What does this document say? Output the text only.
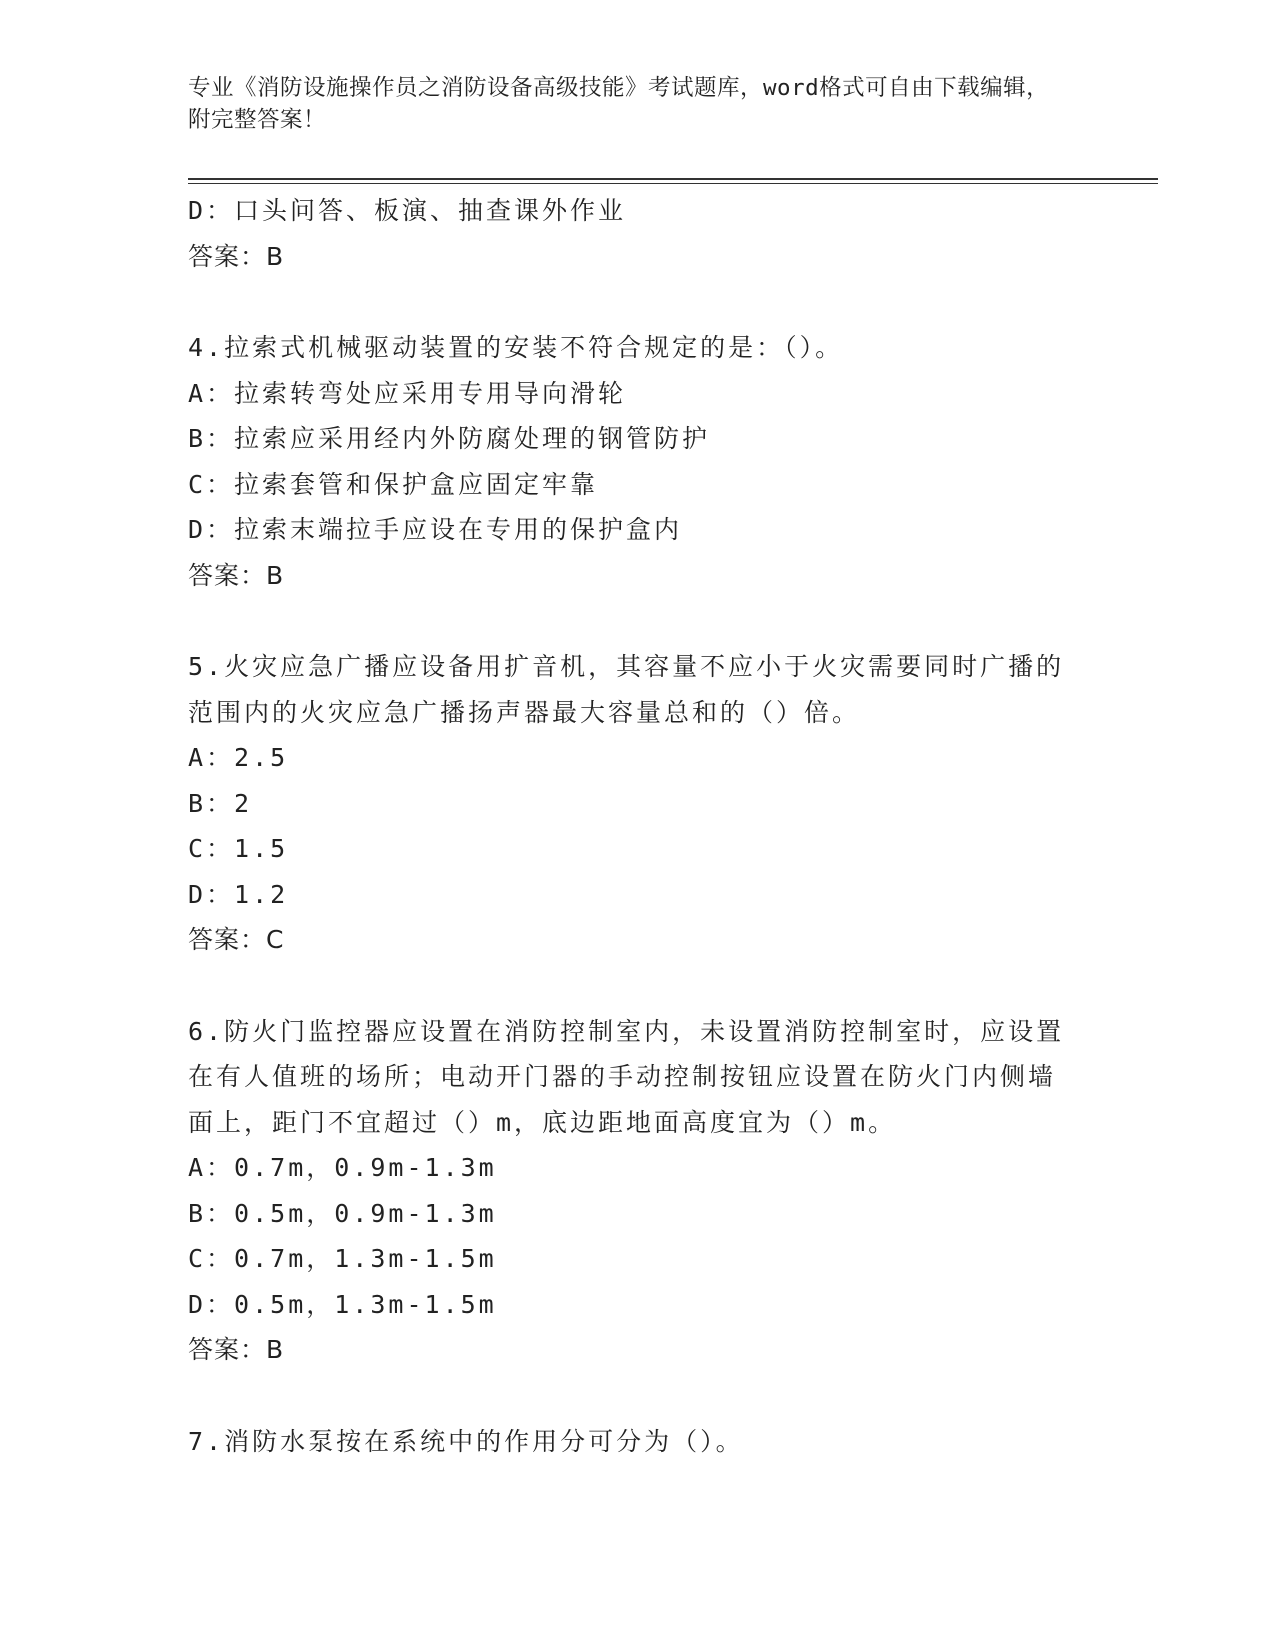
专业《消防设施操作员之消防设备高级技能》考试题库，word格式可自由下载编辑，附完整答案！
D：口头问答、板演、抽查课外作业
答案：B
4.拉索式机械驱动装置的安装不符合规定的是：（）。
A：拉索转弯处应采用专用导向滑轮
B：拉索应采用经内外防腐处理的钢管防护
C：拉索套管和保护盒应固定牢靠
D：拉索末端拉手应设在专用的保护盒内
答案：B
5.火灾应急广播应设备用扩音机，其容量不应小于火灾需要同时广播的范围内的火灾应急广播扬声器最大容量总和的（）倍。
A：2.5
B：2
C：1.5
D：1.2
答案：C
6.防火门监控器应设置在消防控制室内，未设置消防控制室时，应设置在有人值班的场所；电动开门器的手动控制按钮应设置在防火门内侧墙面上，距门不宜超过（）m，底边距地面高度宜为（）m。
A：0.7m，0.9m-1.3m
B：0.5m，0.9m-1.3m
C：0.7m，1.3m-1.5m
D：0.5m，1.3m-1.5m
答案：B
7.消防水泵按在系统中的作用分可分为（）。
